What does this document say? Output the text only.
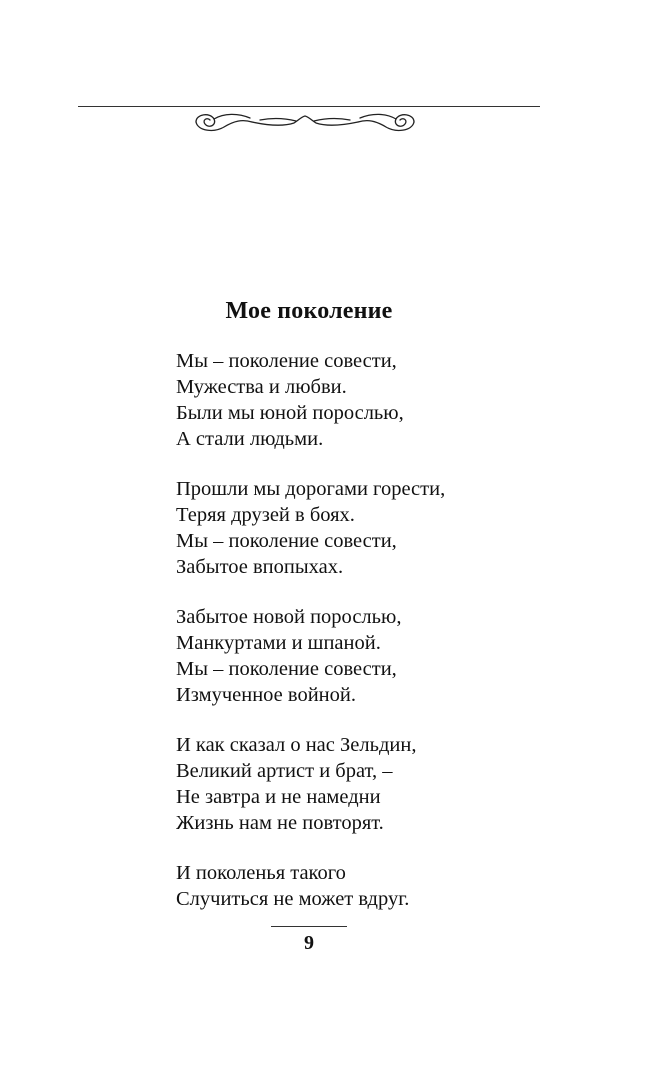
Мое поколение
Мы – поколение совести,
Мужества и любви.
Были мы юной порослью,
А стали людьми.
Прошли мы дорогами горести,
Теряя друзей в боях.
Мы – поколение совести,
Забытое впопыхах.
Забытое новой порослью,
Манкуртами и шпаной.
Мы – поколение совести,
Измученное войной.
И как сказал о нас Зельдин,
Великий артист и брат, –
Не завтра и не намедни
Жизнь нам не повторят.
И поколенья такого
Случиться не может вдруг.
9
